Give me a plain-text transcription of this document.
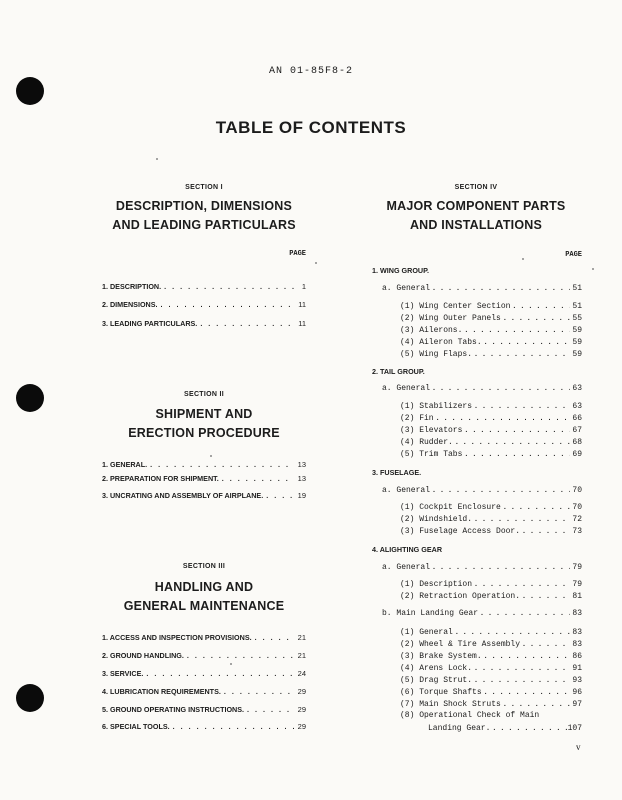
AN 01-85F8-2
TABLE OF CONTENTS
SECTION I
DESCRIPTION, DIMENSIONS
AND LEADING PARTICULARS
PAGE
1. DESCRIPTION. . . .	1
2. DIMENSIONS. . . .	11
3. LEADING PARTICULARS. . . .	11
SECTION II
SHIPMENT AND
ERECTION PROCEDURE
1. GENERAL. . . .	13
2. PREPARATION FOR SHIPMENT. . . .	13
3. UNCRATING AND ASSEMBLY OF AIRPLANE. . . .	19
SECTION III
HANDLING AND
GENERAL MAINTENANCE
1. ACCESS AND INSPECTION PROVISIONS. . . .	21
2. GROUND HANDLING. . . .	21
3. SERVICE. . . .	24
4. LUBRICATION REQUIREMENTS. . . .	29
5. GROUND OPERATING INSTRUCTIONS. . . .	29
6. SPECIAL TOOLS. . . .	29
SECTION IV
MAJOR COMPONENT PARTS
AND INSTALLATIONS
PAGE
1. WING GROUP.
a. General . . .	51
(1) Wing Center Section . . .	51
(2) Wing Outer Panels . . .	55
(3) Ailerons. . . .	59
(4) Aileron Tabs. . . .	59
(5) Wing Flaps. . . .	59
2. TAIL GROUP.
a. General . . .	63
(1) Stabilizers . . .	63
(2) Fin . . .	66
(3) Elevators . . .	67
(4) Rudder. . . .	68
(5) Trim Tabs . . .	69
3. FUSELAGE.
a. General . . .	70
(1) Cockpit Enclosure . . .	70
(2) Windshield. . . .	72
(3) Fuselage Access Door. . . .	73
4. ALIGHTING GEAR
a. General . . .	79
(1) Description . . .	79
(2) Retraction Operation. . . .	81
b. Main Landing Gear . . .	83
(1) General . . .	83
(2) Wheel & Tire Assembly . . .	83
(3) Brake System. . . .	86
(4) Arens Lock. . . .	91
(5) Drag Strut. . . .	93
(6) Torque Shafts . . .	96
(7) Main Shock Struts . . .	97
(8) Operational Check of Main
Landing Gear. . . .	107
v
